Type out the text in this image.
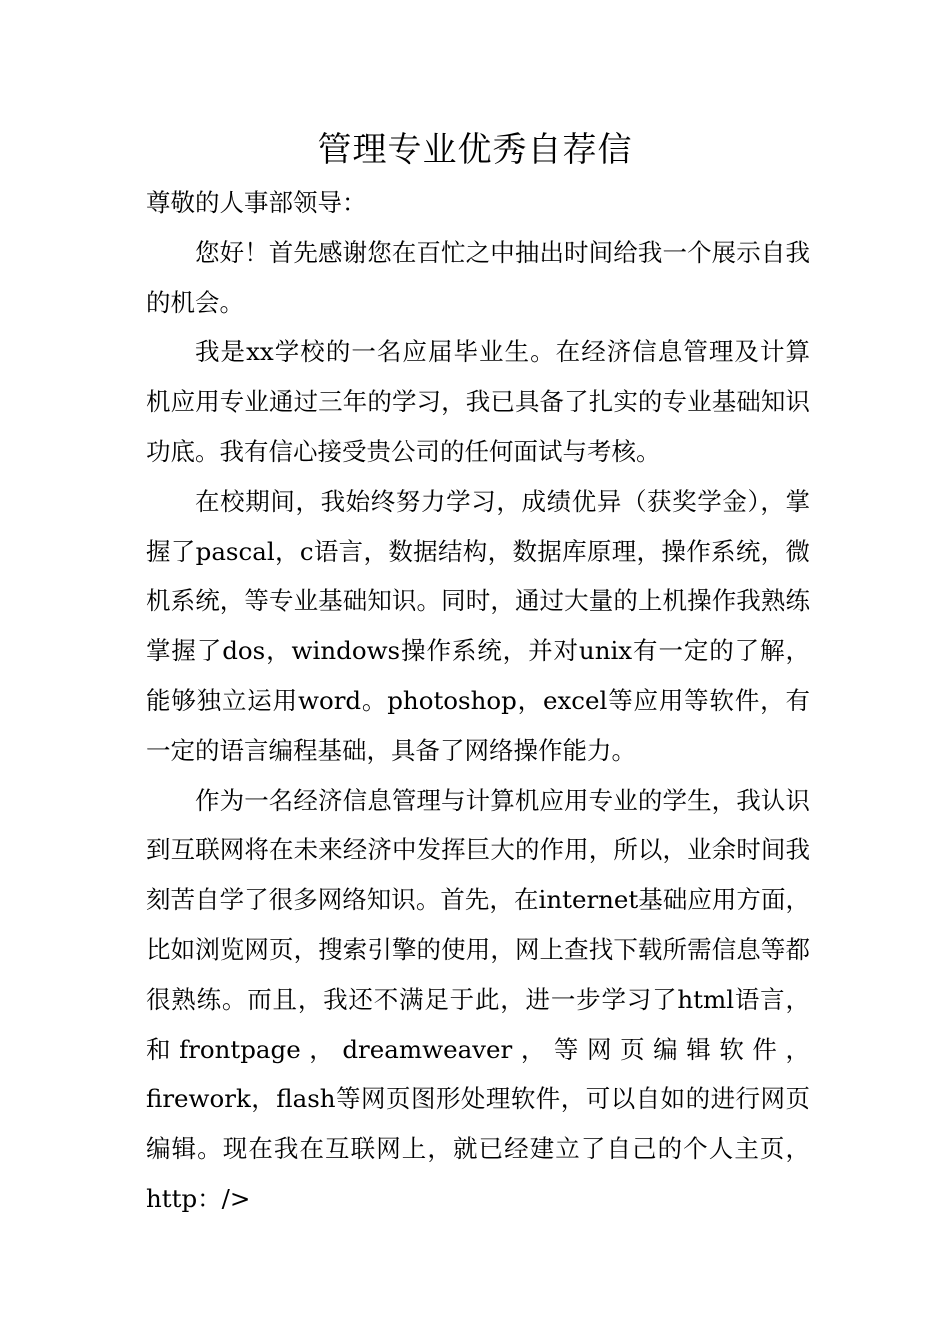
管理专业优秀自荐信

尊敬的人事部领导：

您好！首先感谢您在百忙之中抽出时间给我一个展示自我的机会。

我是xx学校的一名应届毕业生。在经济信息管理及计算机应用专业通过三年的学习，我已具备了扎实的专业基础知识功底。我有信心接受贵公司的任何面试与考核。

在校期间，我始终努力学习，成绩优异（获奖学金），掌握了pascal，c语言，数据结构，数据库原理，操作系统，微机系统，等专业基础知识。同时，通过大量的上机操作我熟练掌握了dos，windows操作系统，并对unix有一定的了解，能够独立运用word。photoshop，excel等应用等软件，有一定的语言编程基础，具备了网络操作能力。

作为一名经济信息管理与计算机应用专业的学生，我认识到互联网将在未来经济中发挥巨大的作用，所以，业余时间我刻苦自学了很多网络知识。首先，在internet基础应用方面，比如浏览网页，搜索引擎的使用，网上查找下载所需信息等都很熟练。而且，我还不满足于此，进一步学习了html语言，和frontpage，dreamweaver，等网页编辑软件，firework，flash等网页图形处理软件，可以自如的进行网页编辑。现在我在互联网上，就已经建立了自己的个人主页，http：/>
